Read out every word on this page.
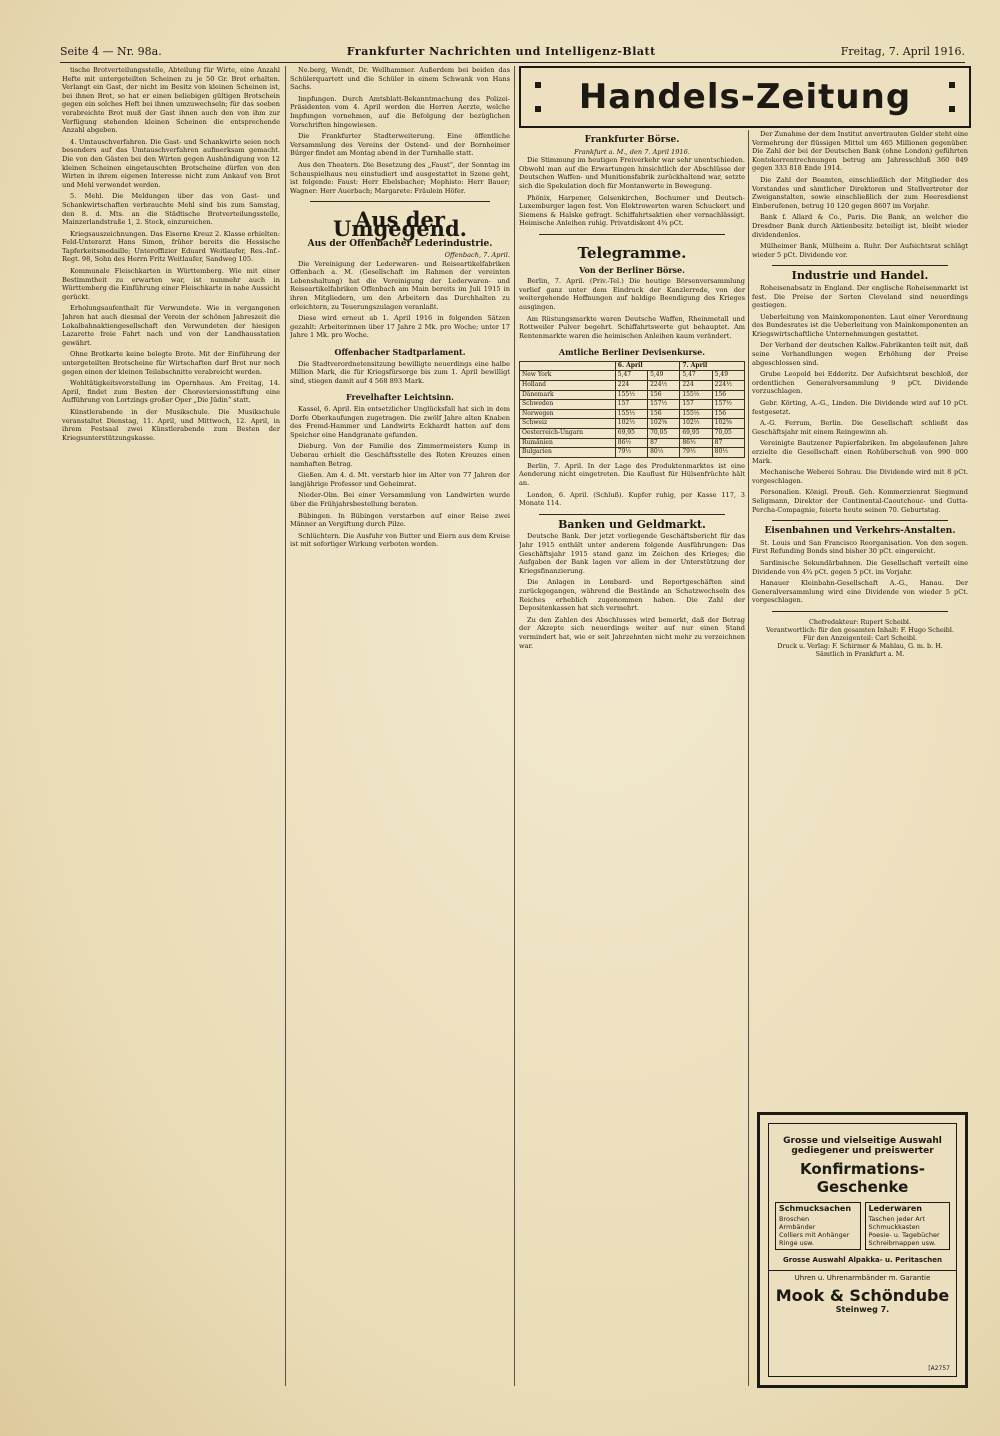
Seite 4 — Nr. 98a.	Frankfurter Nachrichten und Intelligenz-Blatt	Freitag, 7. April 1916.

tische Brotverteilungsstelle, Abteilung für Wirte, eine Anzahl Hefte mit untergeteilten Scheinen zu je 50 Gr. Brot erhalten. Verlangt ein Gast, der nicht im Besitz von kleinen Scheinen ist, bei ihnen Brot, so hat er einen beliebigen gültigen Brotschein gegen ein solches Heft bei ihnen umzuwechseln; für das soeben verabreichte Brot muß der Gast ihnen auch den von ihm zur Verfügung stehenden kleinen Scheinen die entsprechende Anzahl abgeben.

4. Umtauschverfahren. Die Gast- und Schankwirte seien noch besonders auf das Umtauschverfahren aufmerksam gemacht. Die von den Gästen bei den Wirten gegen Aushändigung von 12 kleinen Scheinen eingetauschten Brotscheine dürfen von den Wirten in ihrem eigenen Interesse nicht zum Ankauf von Brot und Mehl verwendet werden.

5. Mehl. Die Meldungen über das von Gast- und Schankwirtschaften verbrauchte Mehl sind bis zum Samstag, den 8. d. Mts. an die Städtische Brotverteilungsstelle, Mainzerlandstraße 1, 2. Stock, einzureichen.

Kriegsauszeichnungen. Das Eiserne Kreuz 2. Klasse erhielten: Feld-Unterarzt Hans Simon, früher bereits die Hessische Tapferkeitsmedaille; Unteroffizier Eduard Weitlaufer, Res.-Inf.-Regt. 98, Sohn des Herrn Fritz Weitlaufer, Sandweg 105.

Kommunale Fleischkarten in Württemberg. Wie mit einer Bestimmtheit zu erwarten war, ist nunmehr auch in Württemberg die Einführung einer Fleischkarte in nahe Aussicht gerückt.

Erholungsaufenthalt für Verwundete. Wie in vergangenen Jahren hat auch diesmal der Verein der schönen Jahreszeit die Lokalbahnaktiengesellschaft den Verwundeten der hiesigen Lazarette freie Fahrt nach und von der Landhausstation gewährt.

Ohne Brotkarte keine belegte Brote. Mit der Einführung der untergeteilten Brotscheine für Wirtschaften darf Brot nur noch gegen einen der kleinen Teilabschnitte verabreicht werden.

Wohltätigkeitsvorstellung im Opernhaus. Am Freitag, 14. April, findet zum Besten der Choreviersionsstiftung eine Aufführung von Lortzings großer Oper „Die Jüdin“ statt.

Künstlerabende in der Musikschule. Die Musikschule veranstaltet Dienstag, 11. April, und Mittwoch, 12. April, in ihrem Festsaal zwei Künstlerabende zum Besten der Kriegsunterstützungskasse.

Ne.berg, Wendt, Dr. Wellhammer. Außerdem bei beiden das Schülerquartett und die Schüler in einem Schwank von Hans Sachs.

Impfungen. Durch Amtsblatt-Bekanntmachung des Polizei-Präsidenten vom 4. April werden die Herren Aerzte, welche Impfungen vornehmen, auf die Befolgung der bezüglichen Vorschriften hingewiesen.

Die Frankfurter Stadterweiterung. Eine öffentliche Versammlung des Vereins der Ostend- und der Bornheimer Bürger findet am Montag abend in der Turnhalle statt.

Aus den Theatern. Die Besetzung des „Faust“, der Sonntag im Schauspielhaus neu einstudiert und ausgestattet in Szene geht, ist folgende: Faust: Herr Ebelsbacher; Mephisto: Herr Bauer; Wagner: Herr Auerbach; Margarete: Fräulein Höfer.

Aus der Umgegend.
Aus der Offenbacher Lederindustrie.
Offenbach, 7. April.

Die Vereinigung der Lederwaren- und Reiseartikelfabriken Offenbach a. M. (Gesellschaft im Rahmen der vereinten Lebenshaltung) hat die Vereinigung der Lederwaren- und Reiseartikelfabriken Offenbach am Main bereits im Juli 1915 in ihren Mitgliedern, um den Arbeitern das Durchhalten zu erleichtern, zu Teuerungszulagen veranlaßt.

Diese wird erneut ab 1. April 1916 in folgenden Sätzen gezahlt: Arbeiterinnen über 17 Jahre 2 Mk. pro Woche; unter 17 Jahre 1 Mk. pro Woche.

Offenbacher Stadtparlament.

Die Stadtverordnetensitzung bewilligte neuerdings eine halbe Million Mark, die für Kriegsfürsorge bis zum 1. April bewilligt sind, stiegen damit auf 4 568 893 Mark.

Frevelhafter Leichtsinn.

Kassel, 6. April. Ein entsetzlicher Unglücksfall hat sich in dem Dorfe Oberkaufungen zugetragen. Die zwölf Jahre alten Knaben des Fremd-Hammer und Landwirts Eckhardt hatten auf dem Speicher eine Handgranate gefunden.

Dieburg. Von der Familie des Zimmermeisters Kump in Ueberau erhielt die Geschäftsstelle des Roten Kreuzes einen namhaften Betrag.

Gießen. Am 4. d. Mt. verstarb hier im Alter von 77 Jahren der langjährige Professor und Geheimrat.

Nieder-Olm. Bei einer Versammlung von Landwirten wurde über die Frühjahrsbestellung beraten.

Bübingen. In Bübingen verstarben auf einer Reise zwei Männer an Vergiftung durch Pilze.

Schlüchtern. Die Ausfuhr von Butter und Eiern aus dem Kreise ist mit sofortiger Wirkung verboten worden.

Handels-Zeitung
Frankfurter Börse.
Frankfurt a. M., den 7. April 1916.

Die Stimmung im heutigen Freiverkehr war sehr unentschieden. Obwohl man auf die Erwartungen hinsichtlich der Abschlüsse der Deutschen Waffen- und Munitionsfabrik zurückhaltend war, setzte sich die Spekulation doch für Montanwerte in Bewegung.

Phönix, Harpener, Gelsenkirchen, Bochumer und Deutsch-Luxemburger lagen fest. Von Elektrowerten waren Schuckert und Siemens & Halske gefragt. Schiffahrtsaktien eher vernachlässigt. Heimische Anleihen ruhig. Privatdiskont 4¾ pCt.

Telegramme.
Von der Berliner Börse.

Berlin, 7. April. (Priv.-Tel.) Die heutige Börsenversammlung verlief ganz unter dem Eindruck der Kanzlerrede, von der weitergehende Hoffnungen auf baldige Beendigung des Krieges ausgingen.

Am Rüstungsmarkte waren Deutsche Waffen, Rheinmetall und Rottweiler Pulver begehrt. Schiffahrtswerte gut behauptet. Am Rentenmarkte waren die heimischen Anleihen kaum verändert.

Amtliche Berliner Devisenkurse.
	6. April		7. April	
New York	5,47	5,49	5,47	5,49
Holland	224	224½	224	224½
Dänemark	155½	156	155½	156
Schweden	157	157½	157	157½
Norwegen	155½	156	155½	156
Schweiz	102½	102⅝	102½	102⅝
Oesterreich-Ungarn	69,95	70,05	69,95	70,05
Rumänien	86½	87	86½	87
Bulgarien	79½	80½	79½	80½

Berlin, 7. April. In der Lage des Produktenmarktes ist eine Aenderung nicht eingetreten. Die Kauflust für Hülsenfrüchte hält an.

London, 6. April. (Schluß). Kupfer ruhig, per Kasse 117, 3 Monate 114.

Banken und Geldmarkt.

Deutsche Bank. Der jetzt vorliegende Geschäftsbericht für das Jahr 1915 enthält unter anderem folgende Ausführungen: Das Geschäftsjahr 1915 stand ganz im Zeichen des Krieges; die Aufgaben der Bank lagen vor allem in der Unterstützung der Kriegsfinanzierung.

Die Anlagen in Lombard- und Reportgeschäften sind zurückgegangen, während die Bestände an Schatzwechseln des Reiches erheblich zugenommen haben. Die Zahl der Depositenkassen hat sich vermehrt.

Zu den Zahlen des Abschlusses wird bemerkt, daß der Betrag der Akzepte sich neuerdings weiter auf nur einen Stand vermindert hat, wie er seit Jahrzehnten nicht mehr zu verzeichnen war.

Der Zunahme der dem Institut anvertrauten Gelder steht eine Vermehrung der flüssigen Mittel um 465 Millionen gegenüber. Die Zahl der bei der Deutschen Bank (ohne London) geführten Kontokorrentrechnungen betrug am Jahresschluß 360 049 gegen 333 818 Ende 1914.

Die Zahl der Beamten, einschließlich der Mitglieder des Vorstandes und sämtlicher Direktoren und Stellvertreter der Zweiganstalten, sowie einschließlich der zum Heeresdienst Einberufenen, betrug 10 120 gegen 8607 im Vorjahr.

Bank f. Allard & Co., Paris. Die Bank, an welcher die Dresdner Bank durch Aktienbesitz beteiligt ist, bleibt wieder dividendenlos.

Mülheimer Bank, Mülheim a. Ruhr. Der Aufsichtsrat schlägt wieder 5 pCt. Dividende vor.

Industrie und Handel.

Roheisenabsatz in England. Der englische Roheisenmarkt ist fest. Die Preise der Sorten Cleveland sind neuerdings gestiegen.

Ueberleitung von Mainkomponenten. Laut einer Verordnung des Bundesrates ist die Ueberleitung von Mainkomponenten an Kriegswirtschaftliche Unternehmungen gestattet.

Der Verband der deutschen Kalkw.-Fabrikanten teilt mit, daß seine Verhandlungen wegen Erhöhung der Preise abgeschlossen sind.

Grube Leopold bei Edderitz. Der Aufsichtsrat beschloß, der ordentlichen Generalversammlung 9 pCt. Dividende vorzuschlagen.

Gebr. Körting, A.-G., Linden. Die Dividende wird auf 10 pCt. festgesetzt.

A.-G. Ferrum, Berlin. Die Gesellschaft schließt das Geschäftsjahr mit einem Reingewinn ab.

Vereinigte Bautzener Papierfabriken. Im abgelaufenen Jahre erzielte die Gesellschaft einen Rohüberschuß von 990 000 Mark.

Mechanische Weberei Sohrau. Die Dividende wird mit 8 pCt. vorgeschlagen.

Personalien. Königl. Preuß. Geh. Kommerzienrat Siegmund Seligmann, Direktor der Continental-Caoutchouc- und Gutta-Percha-Compagnie, feierte heute seinen 70. Geburtstag.

Eisenbahnen und Verkehrs-Anstalten.

St. Louis und San Francisco Reorganisation. Von den sogen. First Refunding Bonds sind bisher 30 pCt. eingereicht.

Sardinische Sekundärbahnen. Die Gesellschaft verteilt eine Dividende von 4¾ pCt. gegen 5 pCt. im Vorjahr.

Hanauer Kleinbahn-Gesellschaft A.-G., Hanau. Der Generalversammlung wird eine Dividende von wieder 5 pCt. vorgeschlagen.

Chefredakteur: Rupert Scheibl.
Verantwortlich: für den gesamten Inhalt: F. Hugo Scheibl.
Für den Anzeigenteil: Carl Scheibl.
Druck u. Verlag: F. Schirmer & Mahlau, G. m. b. H.
Sämtlich in Frankfurt a. M.
Grosse und vielseitige Auswahl gediegener und preiswerter
Konfirmations-Geschenke
Schmucksachen
Broschen
Armbänder
Colliers mit Anhänger
Ringe usw.
Lederwaren
Taschen jeder Art
Schmuckkasten
Poesie- u. Tagebücher
Schreibmappen usw.
Grosse Auswahl Alpakka- u. Peritaschen
Uhren u. Uhrenarmbänder m. Garantie
Mook & Schöndube
Steinweg 7.
[A2757
